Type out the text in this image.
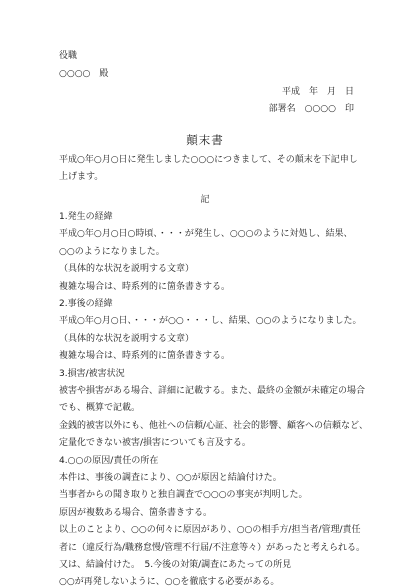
役職
○○○○　殿
平成　年　月　日
部署名　○○○○　印
顛末書
平成○年○月○日に発生しました○○○につきまして、その顛末を下記申し
上げます。
記
1.発生の経緯
平成○年○月○日○時頃、・・・が発生し、○○○のように対処し、結果、
○○のようになりました。
（具体的な状況を説明する文章）
複雑な場合は、時系列的に箇条書きする。
2.事後の経緯
平成○年○月○日、・・・が○○・・・し、結果、○○のようになりました。
（具体的な状況を説明する文章）
複雑な場合は、時系列的に箇条書きする。
3.損害/被害状況
被害や損害がある場合、詳細に記載する。また、最終の金額が未確定の場合
でも、概算で記載。
金銭的被害以外にも、他社への信頼/心証、社会的影響、顧客への信頼など、
定量化できない被害/損害についても言及する。
4.○○の原因/責任の所在
本件は、事後の調査により、○○が原因と結論付けた。
当事者からの聞き取りと独自調査で○○○の事実が判明した。
原因が複数ある場合、箇条書きする。
以上のことより、○○の何々に原因があり、○○の相手方/担当者/管理/責任
者に（違反行為/職務怠慢/管理不行届/不注意等々）があったと考えられる。
又は、結論付けた。　5.今後の対策/調査にあたっての所見
○○が再発しないように、○○を徹底する必要がある。
